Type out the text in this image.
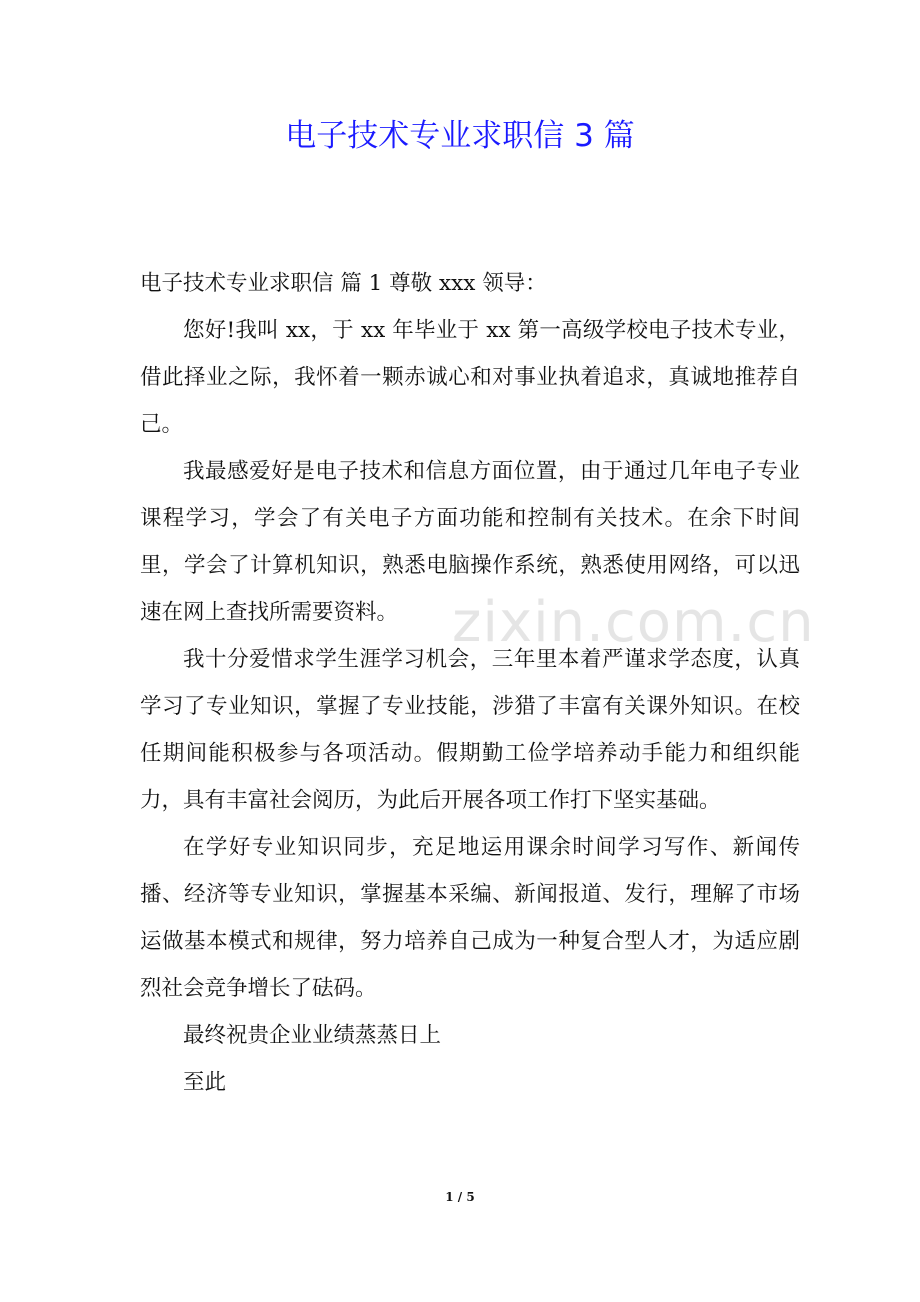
电子技术专业求职信 3 篇

电子技术专业求职信 篇 1 尊敬 xxx 领导：

您好!我叫 xx，于 xx 年毕业于 xx 第一高级学校电子技术专业，借此择业之际，我怀着一颗赤诚心和对事业执着追求，真诚地推荐自己。

我最感爱好是电子技术和信息方面位置，由于通过几年电子专业课程学习，学会了有关电子方面功能和控制有关技术。在余下时间里，学会了计算机知识，熟悉电脑操作系统，熟悉使用网络，可以迅速在网上查找所需要资料。

我十分爱惜求学生涯学习机会，三年里本着严谨求学态度，认真学习了专业知识，掌握了专业技能，涉猎了丰富有关课外知识。在校任期间能积极参与各项活动。假期勤工俭学培养动手能力和组织能力，具有丰富社会阅历，为此后开展各项工作打下坚实基础。

在学好专业知识同步，充足地运用课余时间学习写作、新闻传播、经济等专业知识，掌握基本采编、新闻报道、发行，理解了市场运做基本模式和规律，努力培养自己成为一种复合型人才，为适应剧烈社会竞争增长了砝码。

最终祝贵企业业绩蒸蒸日上

至此

zixin.com.cn
1 / 5
